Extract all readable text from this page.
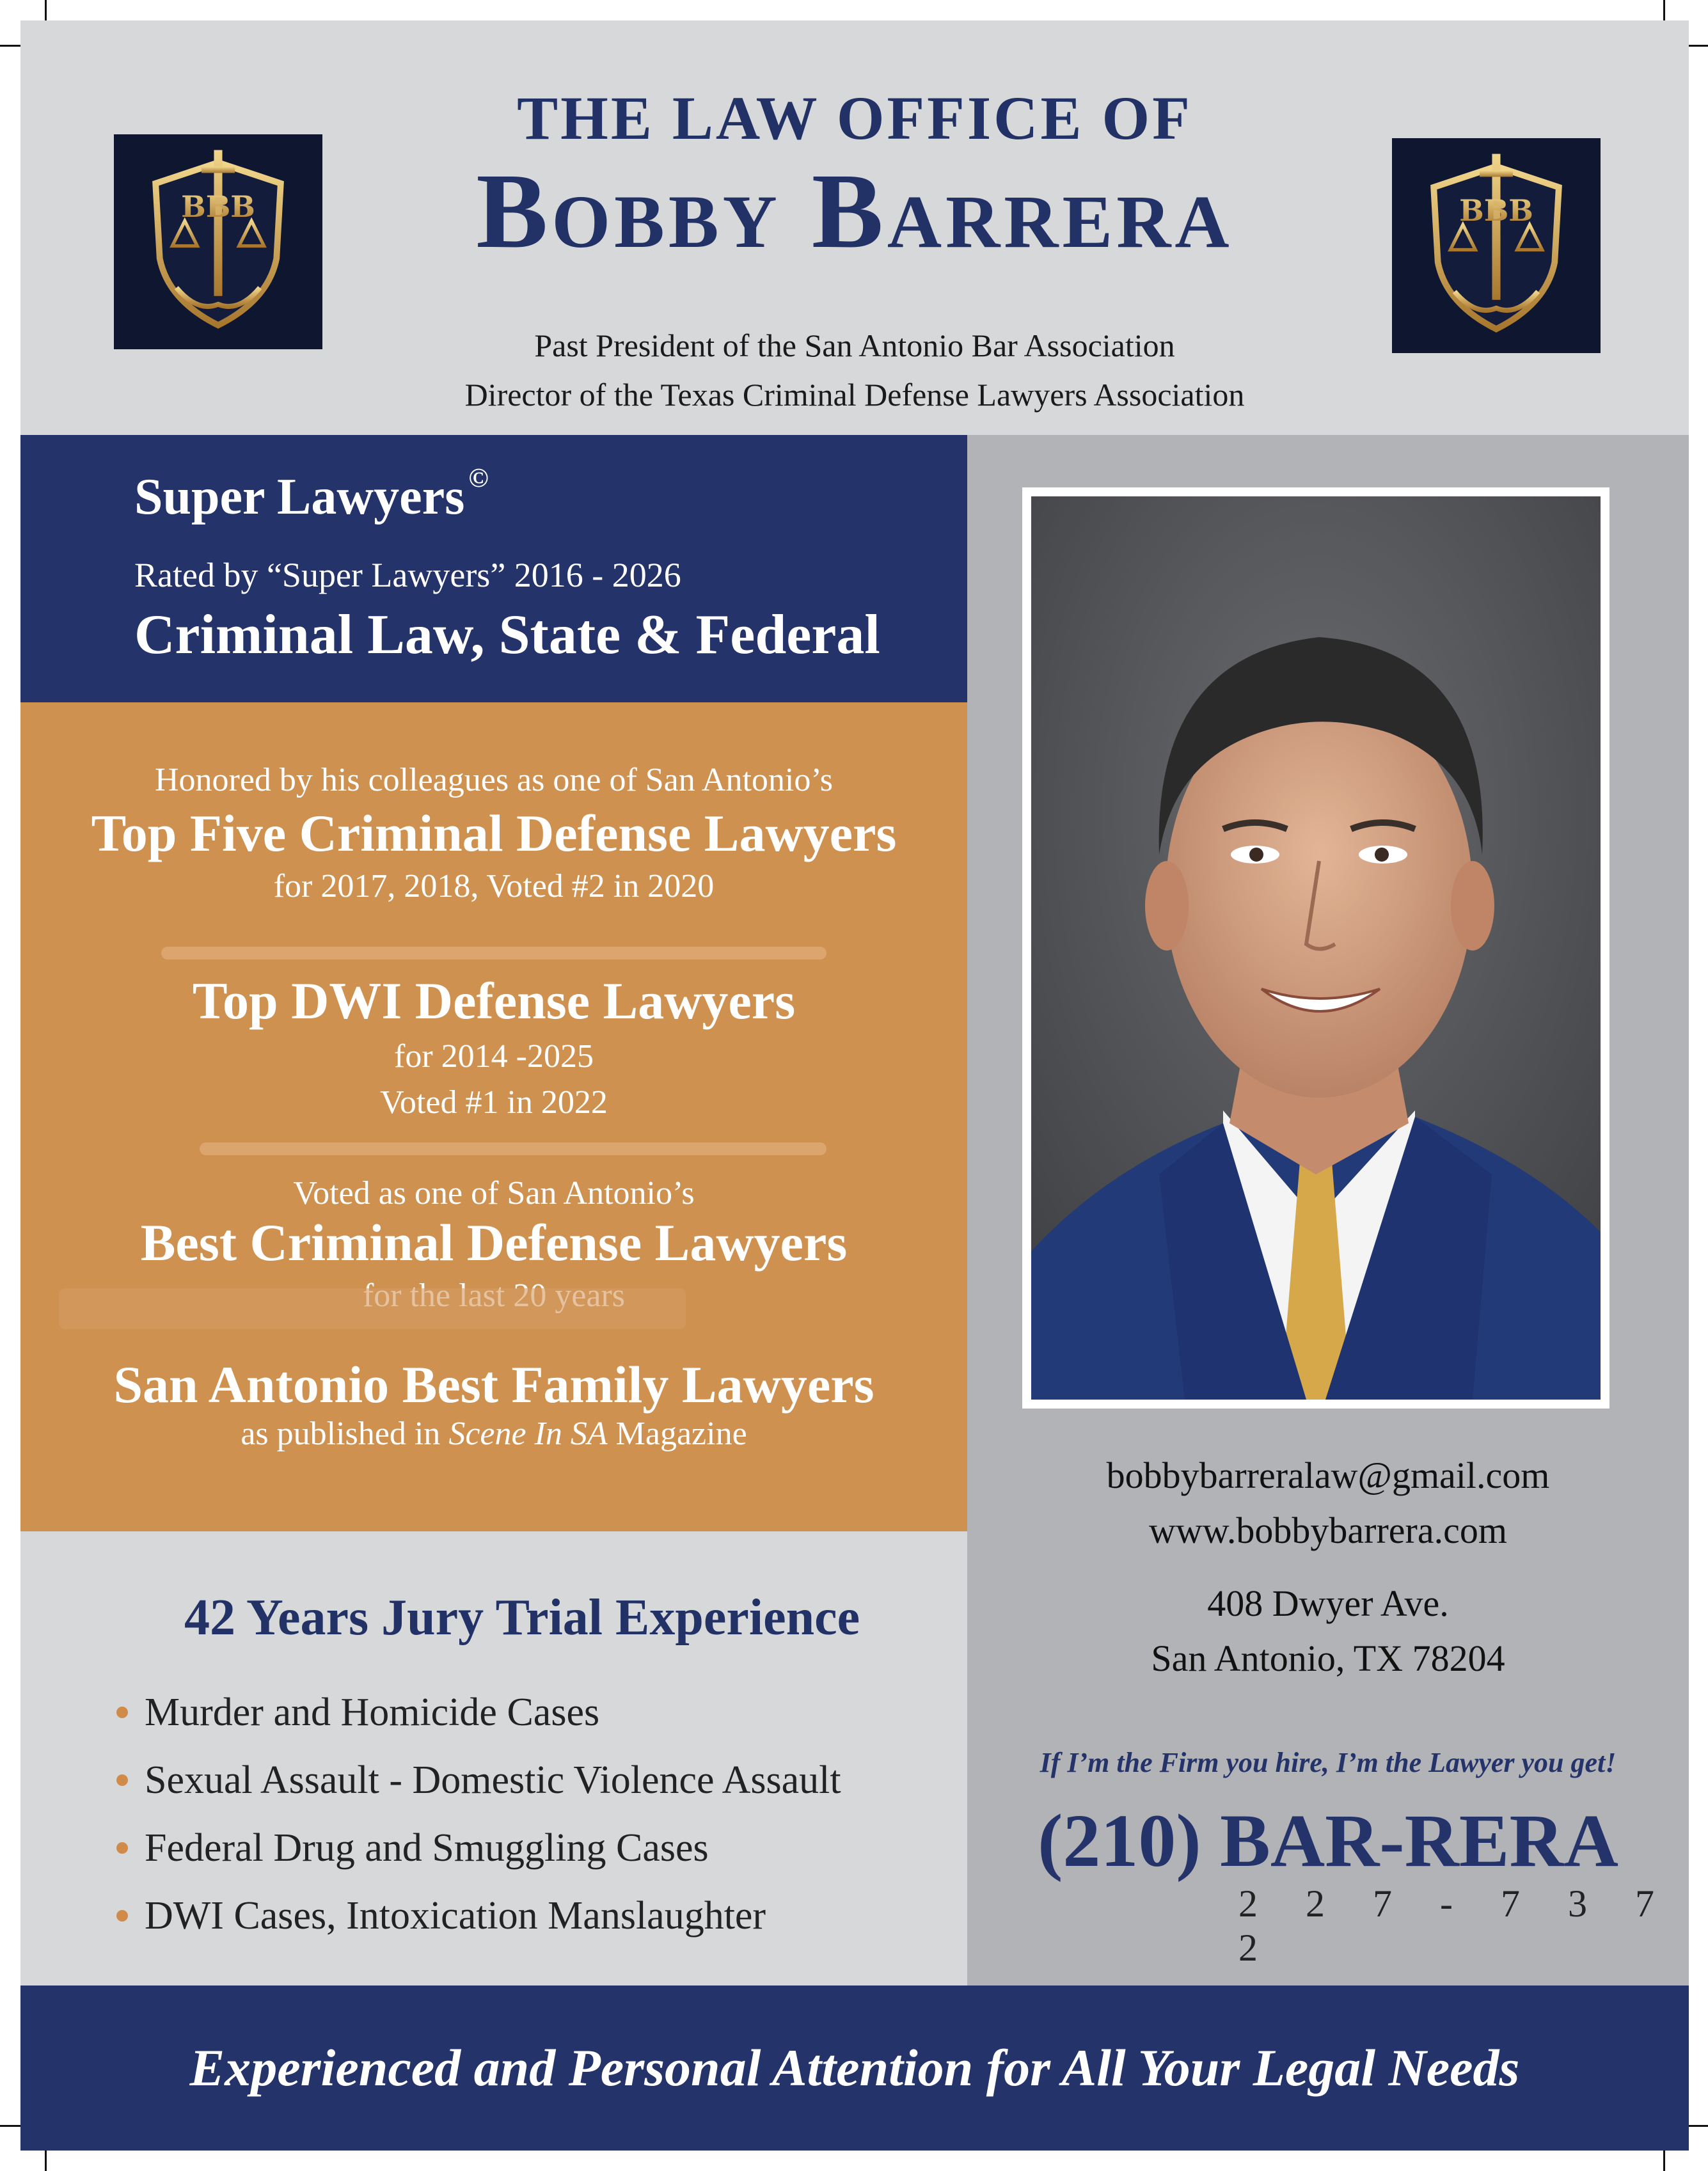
BBB	BBB
THE LAW OFFICE OF
Bobby Barrera
Past President of the San Antonio Bar Association
Director of the Texas Criminal Defense Lawyers Association
Super Lawyers ©
Rated by “Super Lawyers” 2016 - 2026
Criminal Law, State & Federal
Honored by his colleagues as one of San Antonio’s
Top Five Criminal Defense Lawyers
for 2017, 2018, Voted #2 in 2020
Top DWI Defense Lawyers
for 2014 -2025
Voted #1 in 2022
Voted as one of San Antonio’s
Best Criminal Defense Lawyers
San Antonio Best Family Lawyers
as published in Scene In SA Magazine
42 Years Jury Trial Experience
Murder and Homicide Cases
Sexual Assault - Domestic Violence Assault
Federal Drug and Smuggling Cases
DWI Cases, Intoxication Manslaughter
bobbybarreralaw@gmail.com
www.bobbybarrera.com
408 Dwyer Ave.
San Antonio, TX 78204
If I’m the Firm you hire, I’m the Lawyer you get!
(210) BAR-RERA
2 2 7 - 7 3 7 2
Experienced and Personal Attention for All Your Legal Needs
